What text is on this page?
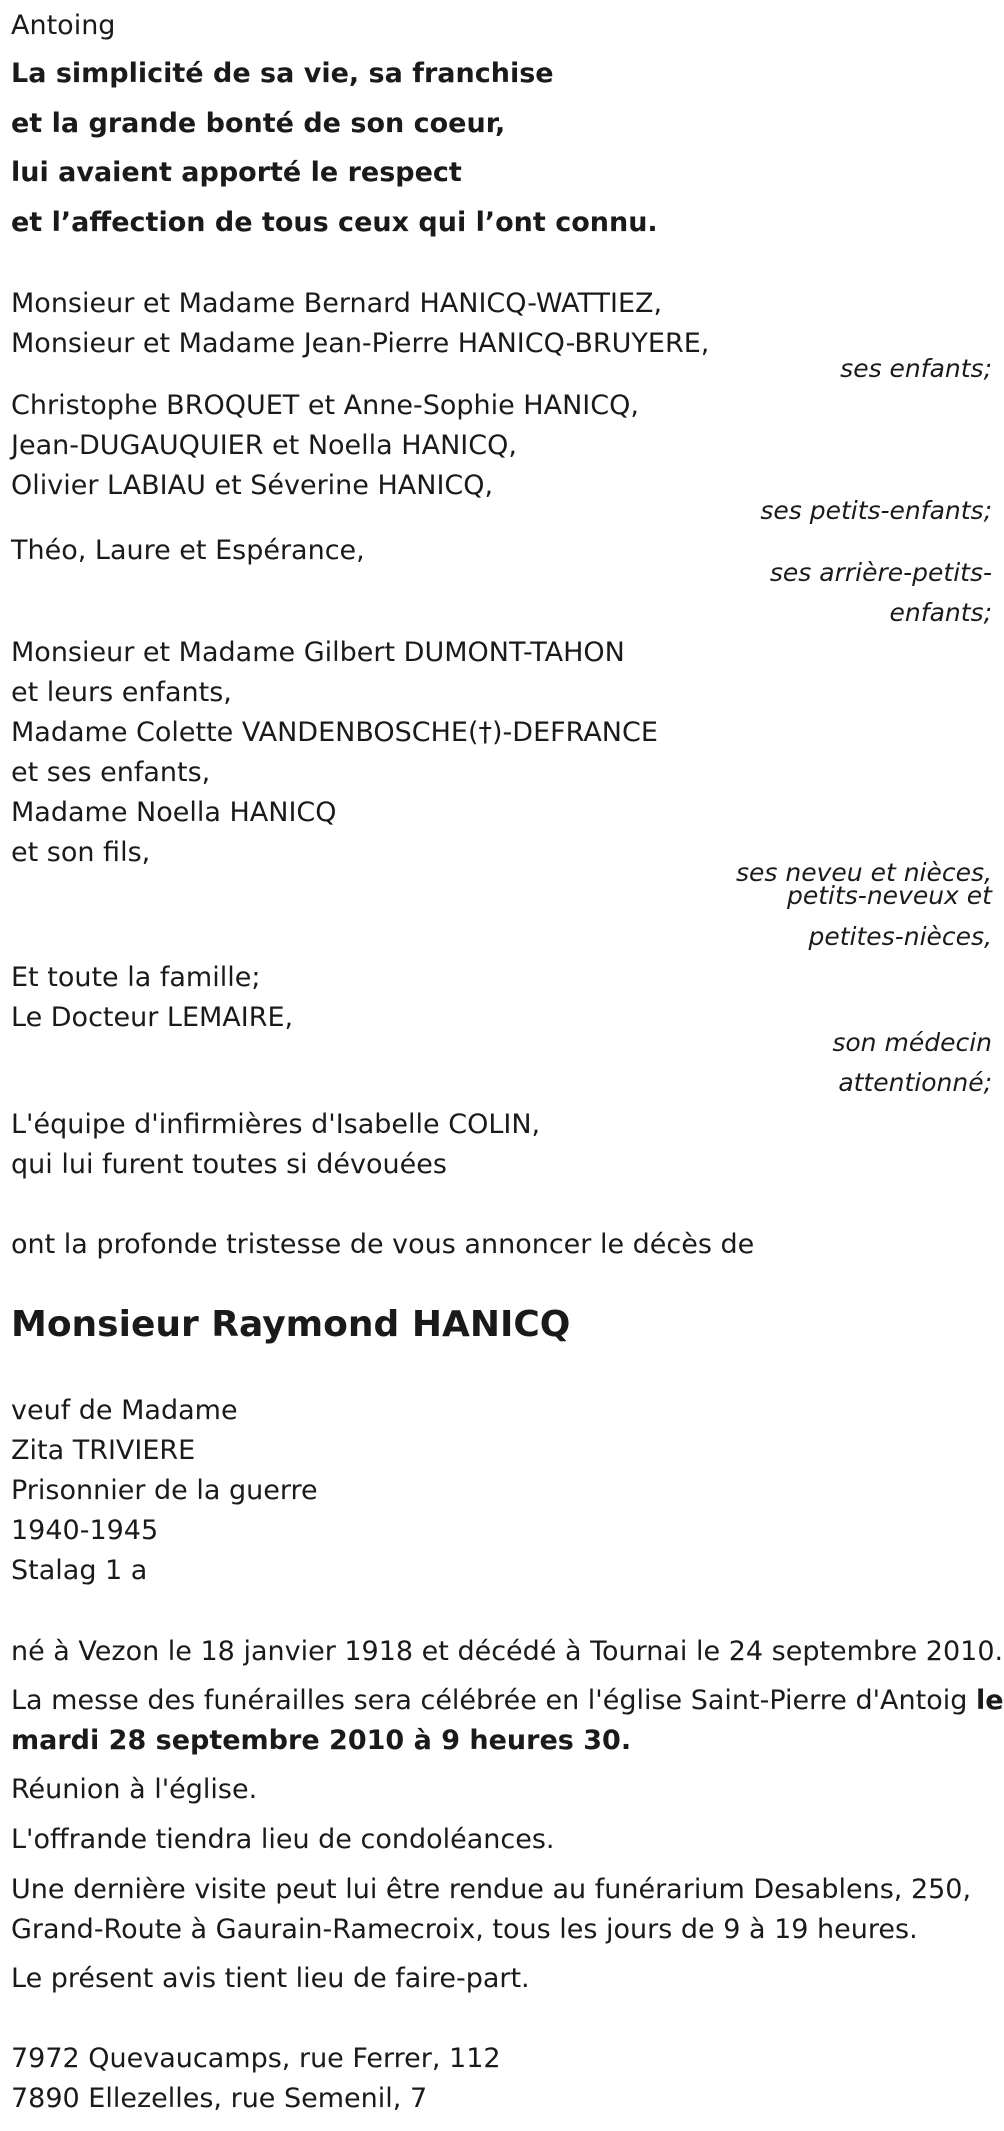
Antoing
La simplicité de sa vie, sa franchise
et la grande bonté de son coeur,
lui avaient apporté le respect
et l’affection de tous ceux qui l’ont connu.
Monsieur et Madame Bernard HANICQ-WATTIEZ,
Monsieur et Madame Jean-Pierre HANICQ-BRUYERE,
ses enfants;
Christophe BROQUET et Anne-Sophie HANICQ,
Jean-DUGAUQUIER et Noella HANICQ,
Olivier LABIAU et Séverine HANICQ,
ses petits-enfants;
Théo, Laure et Espérance,
ses arrière-petits-
enfants;
Monsieur et Madame Gilbert DUMONT-TAHON
et leurs enfants,
Madame Colette VANDENBOSCHE(†)-DEFRANCE
et ses enfants,
Madame Noella HANICQ
et son fils,
ses neveu et nièces,
petits-neveux et
petites-nièces,
Et toute la famille;
Le Docteur LEMAIRE,
son médecin
attentionné;
L'équipe d'infirmières d'Isabelle COLIN,
qui lui furent toutes si dévouées
ont la profonde tristesse de vous annoncer le décès de
Monsieur Raymond HANICQ
veuf de Madame
Zita TRIVIERE
Prisonnier de la guerre
1940-1945
Stalag 1 a
né à Vezon le 18 janvier 1918 et décédé à Tournai le 24 septembre 2010.
La messe des funérailles sera célébrée en l'église Saint-Pierre d'Antoig le
mardi 28 septembre 2010 à 9 heures 30.
Réunion à l'église.
L'offrande tiendra lieu de condoléances.
Une dernière visite peut lui être rendue au funérarium Desablens, 250,
Grand-Route à Gaurain-Ramecroix, tous les jours de 9 à 19 heures.
Le présent avis tient lieu de faire-part.
7972 Quevaucamps, rue Ferrer, 112
7890 Ellezelles, rue Semenil, 7
